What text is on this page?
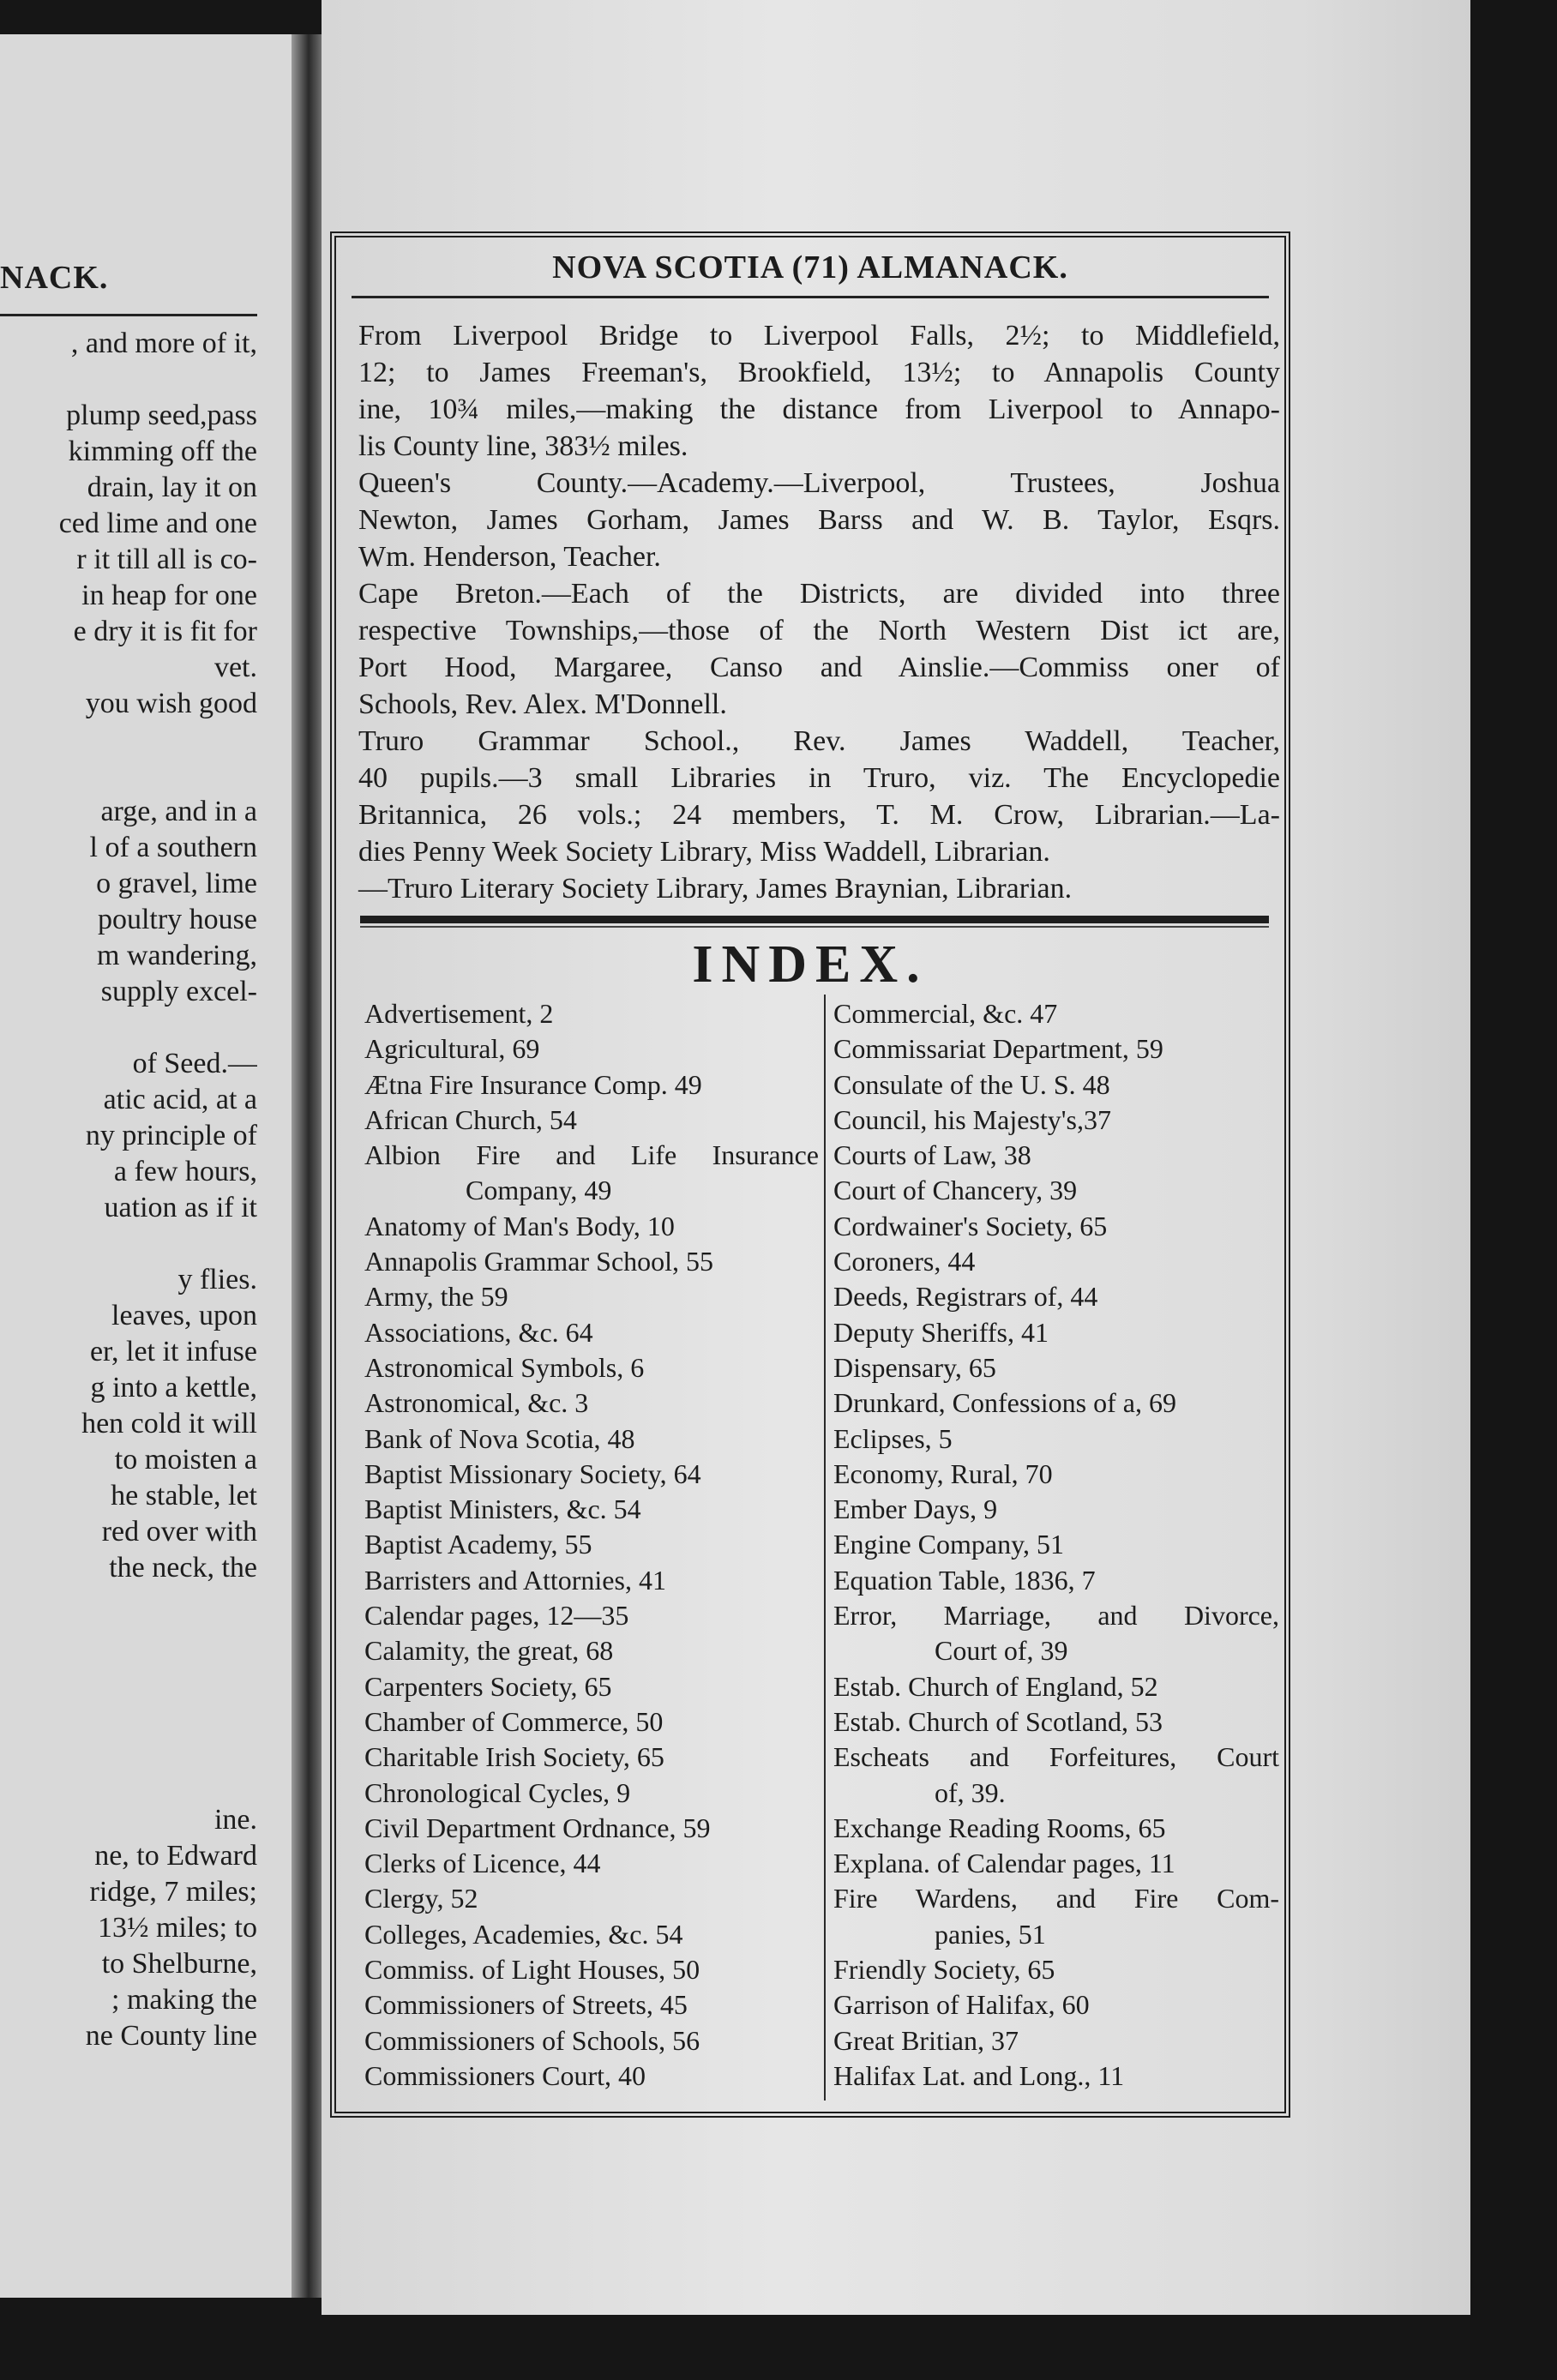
NACK.
, and more of it,
plump seed,pass
kimming off the
drain, lay it on
ced lime and one
r it till all is co-
in heap for one
e dry it is fit for
vet.
you wish good
arge, and in a
l of a southern
o gravel, lime
poultry house
m wandering,
supply excel-
of Seed.—
atic acid, at a
ny principle of
a few hours,
uation as if it
y flies.
leaves, upon
er, let it infuse
g into a kettle,
hen cold it will
to moisten a
he stable, let
red over with
the neck, the
ine.
ne, to Edward
ridge, 7 miles;
13½ miles; to
to Shelburne,
; making the
ne County line
NOVA SCOTIA (71) ALMANACK.
From Liverpool Bridge to Liverpool Falls, 2½; to Middlefield,
12; to James Freeman's, Brookfield, 13½; to Annapolis County
ine, 10¾ miles,—making the distance from Liverpool to Annapo-
lis County line, 383½ miles.
Queen's County.—Academy.—Liverpool, Trustees, Joshua
Newton, James Gorham, James Barss and W. B. Taylor, Esqrs.
Wm. Henderson, Teacher.
Cape Breton.—Each of the Districts, are divided into three
respective Townships,—those of the North Western Dist ict are,
Port Hood, Margaree, Canso and Ainslie.—Commiss oner of
Schools, Rev. Alex. M'Donnell.
Truro Grammar School., Rev. James Waddell, Teacher,
40 pupils.—3 small Libraries in Truro, viz. The Encyclopedie
Britannica, 26 vols.; 24 members, T. M. Crow, Librarian.—La-
dies Penny Week Society Library, Miss Waddell, Librarian.
—Truro Literary Society Library, James Braynian, Librarian.
INDEX.
Advertisement, 2
Agricultural, 69
Ætna Fire Insurance Comp. 49
African Church, 54
Albion Fire and Life Insurance
Company, 49
Anatomy of Man's Body, 10
Annapolis Grammar School, 55
Army, the 59
Associations, &c. 64
Astronomical Symbols, 6
Astronomical, &c. 3
Bank of Nova Scotia, 48
Baptist Missionary Society, 64
Baptist Ministers, &c. 54
Baptist Academy, 55
Barristers and Attornies, 41
Calendar pages, 12—35
Calamity, the great, 68
Carpenters Society, 65
Chamber of Commerce, 50
Charitable Irish Society, 65
Chronological Cycles, 9
Civil Department Ordnance, 59
Clerks of Licence, 44
Clergy, 52
Colleges, Academies, &c. 54
Commiss. of Light Houses, 50
Commissioners of Streets, 45
Commissioners of Schools, 56
Commissioners Court, 40
Commercial, &c. 47
Commissariat Department, 59
Consulate of the U. S. 48
Council, his Majesty's,37
Courts of Law, 38
Court of Chancery, 39
Cordwainer's Society, 65
Coroners, 44
Deeds, Registrars of, 44
Deputy Sheriffs, 41
Dispensary, 65
Drunkard, Confessions of a, 69
Eclipses, 5
Economy, Rural, 70
Ember Days, 9
Engine Company, 51
Equation Table, 1836, 7
Error, Marriage, and Divorce,
Court of, 39
Estab. Church of England, 52
Estab. Church of Scotland, 53
Escheats and Forfeitures, Court
of, 39.
Exchange Reading Rooms, 65
Explana. of Calendar pages, 11
Fire Wardens, and Fire Com-
panies, 51
Friendly Society, 65
Garrison of Halifax, 60
Great Britian, 37
Halifax Lat. and Long., 11
